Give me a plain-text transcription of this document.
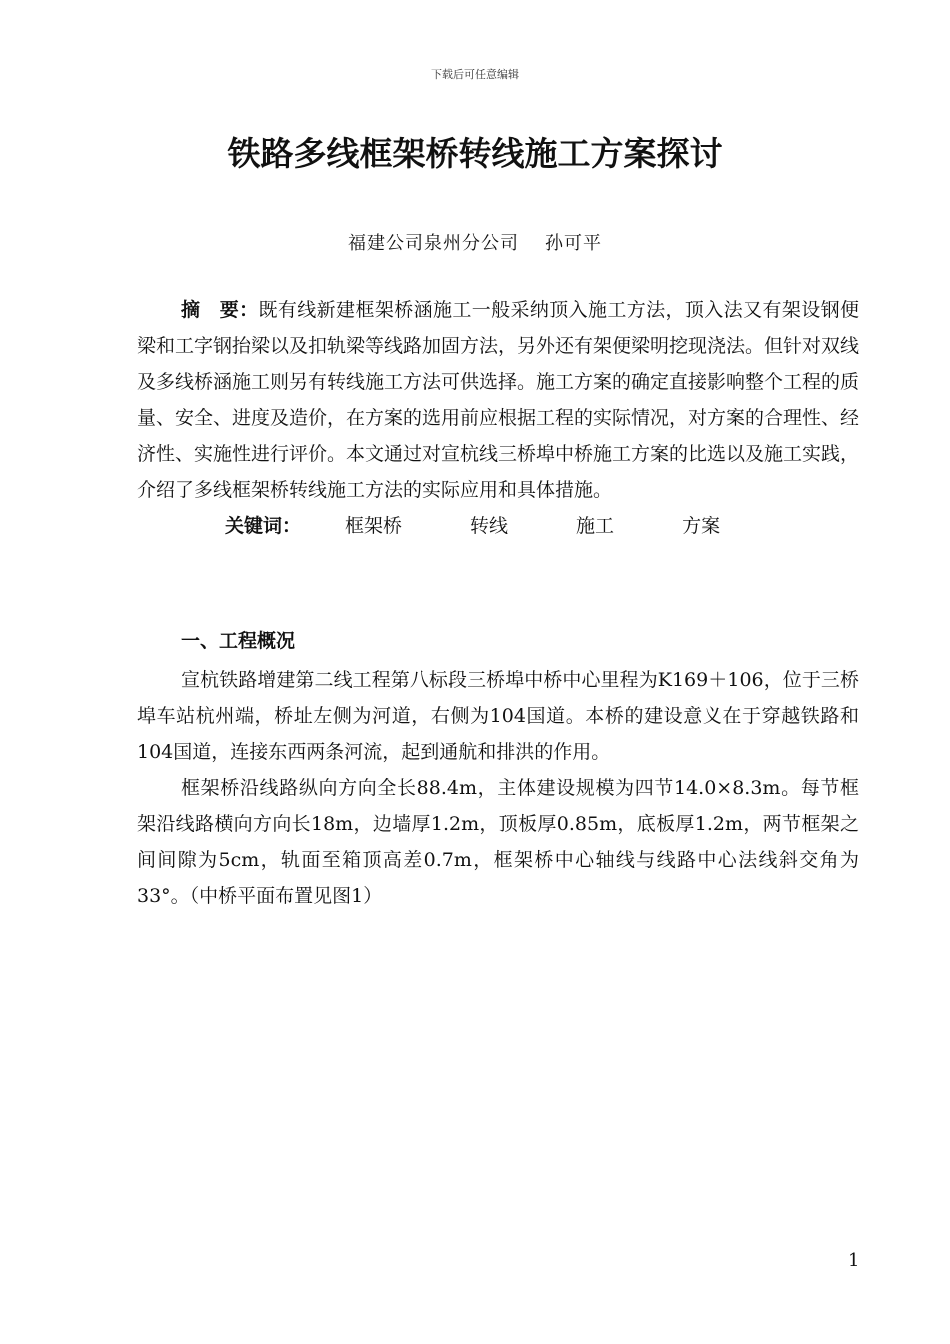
下载后可任意编辑
铁路多线框架桥转线施工方案探讨
福建公司泉州分公司 孙可平

摘　要：既有线新建框架桥涵施工一般采纳顶入施工方法，顶入法又有架设钢便梁和工字钢抬梁以及扣轨梁等线路加固方法，另外还有架便梁明挖现浇法。但针对双线及多线桥涵施工则另有转线施工方法可供选择。施工方案的确定直接影响整个工程的质量、安全、进度及造价，在方案的选用前应根据工程的实际情况，对方案的合理性、经济性、实施性进行评价。本文通过对宣杭线三桥埠中桥施工方案的比选以及施工实践，介绍了多线框架桥转线施工方法的实际应用和具体措施。

关键词： 框架桥	转线	施工	方案

一、工程概况

宣杭铁路增建第二线工程第八标段三桥埠中桥中心里程为K169＋106，位于三桥埠车站杭州端，桥址左侧为河道，右侧为104国道。本桥的建设意义在于穿越铁路和104国道，连接东西两条河流，起到通航和排洪的作用。

框架桥沿线路纵向方向全长88.4m，主体建设规模为四节14.0×8.3m。每节框架沿线路横向方向长18m，边墙厚1.2m，顶板厚0.85m，底板厚1.2m，两节框架之间间隙为5cm，轨面至箱顶高差0.7m，框架桥中心轴线与线路中心法线斜交角为33°。（中桥平面布置见图1）

1
